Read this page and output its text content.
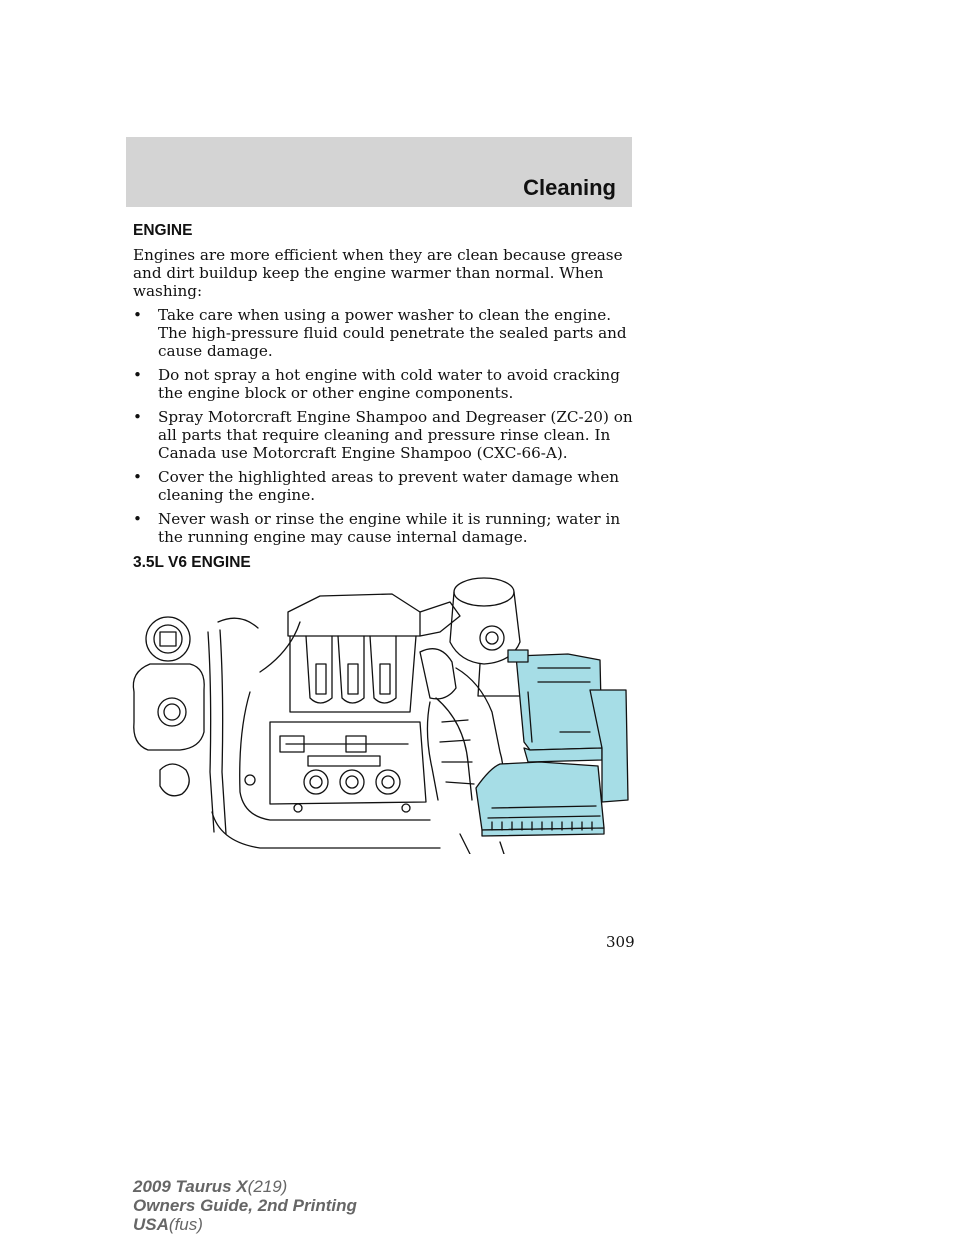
Cleaning
ENGINE
Engines are more efficient when they are clean because grease and dirt buildup keep the engine warmer than normal. When washing:
• Take care when using a power washer to clean the engine. The high-pressure fluid could penetrate the sealed parts and cause damage.
• Do not spray a hot engine with cold water to avoid cracking the engine block or other engine components.
• Spray Motorcraft Engine Shampoo and Degreaser (ZC-20) on all parts that require cleaning and pressure rinse clean. In Canada use Motorcraft Engine Shampoo (CXC-66-A).
• Cover the highlighted areas to prevent water damage when cleaning the engine.
• Never wash or rinse the engine while it is running; water in the running engine may cause internal damage.
3.5L V6 ENGINE
309
2009 Taurus X(219)
Owners Guide, 2nd Printing
USA(fus)
